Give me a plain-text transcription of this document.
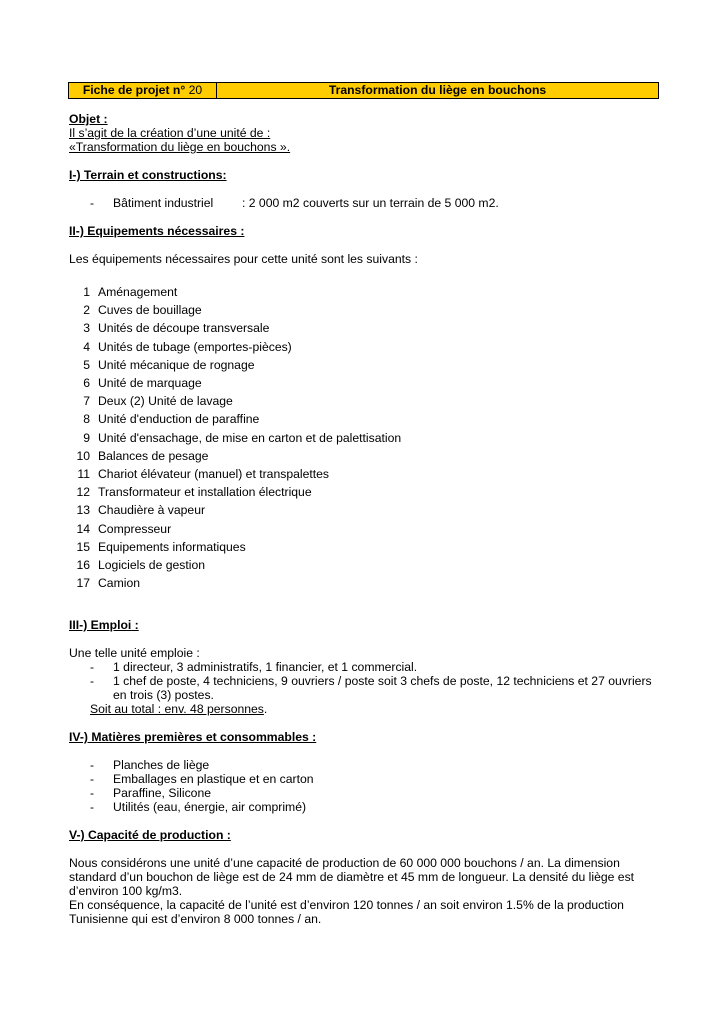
Fiche de projet n° 20	Transformation du liège en bouchons
Objet :
Il s’agit de la création d’une unité de :
«Transformation du liège en bouchons ».
I-) Terrain et constructions:
- Bâtiment industriel : 2 000 m2 couverts sur un terrain de 5 000 m2.
II-) Equipements nécessaires :
Les équipements nécessaires pour cette unité sont les suivants :
1 Aménagement
2 Cuves de bouillage
3 Unités de découpe transversale
4 Unités de tubage (emportes-pièces)
5 Unité mécanique de rognage
6 Unité de marquage
7 Deux (2) Unité de lavage
8 Unité d'enduction de paraffine
9 Unité d'ensachage, de mise en carton et de palettisation
10 Balances de pesage
11 Chariot élévateur (manuel) et transpalettes
12 Transformateur et installation électrique
13 Chaudière à vapeur
14 Compresseur
15 Equipements informatiques
16 Logiciels de gestion
17 Camion
III-) Emploi :
Une telle unité emploie :
- 1 directeur, 3 administratifs, 1 financier, et 1 commercial.
- 1 chef de poste, 4 techniciens, 9 ouvriers / poste soit 3 chefs de poste, 12 techniciens et 27 ouvriers
en trois (3) postes.
Soit au total : env. 48 personnes.
IV-) Matières premières et consommables :
- Planches de liège
- Emballages en plastique et en carton
- Paraffine, Silicone
- Utilités (eau, énergie, air comprimé)
V-) Capacité de production :
Nous considérons une unité d’une capacité de production de 60 000 000 bouchons / an. La dimension
standard d’un bouchon de liège est de 24 mm de diamètre et 45 mm de longueur. La densité du liège est
d’environ 100 kg/m3.
En conséquence, la capacité de l’unité est d’environ 120 tonnes / an soit environ 1.5% de la production
Tunisienne qui est d’environ 8 000 tonnes / an.
